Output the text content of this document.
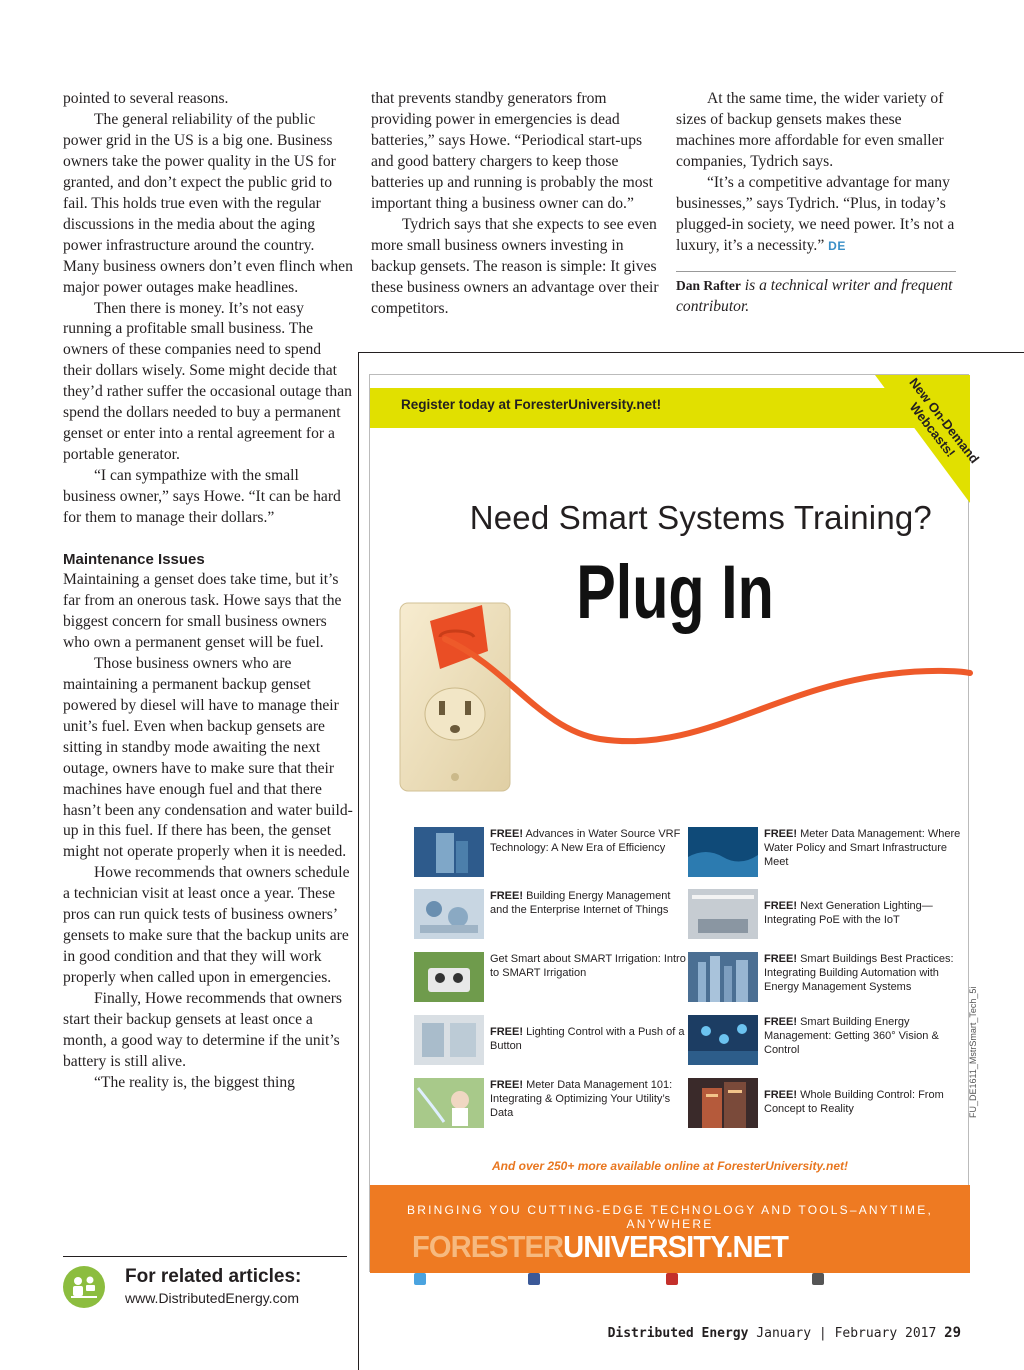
pointed to several reasons.

The general reliability of the public power grid in the US is a big one. Business owners take the power quality in the US for granted, and don’t expect the public grid to fail. This holds true even with the regular discussions in the media about the aging power infrastructure around the country. Many business owners don’t even flinch when major power outages make headlines.

Then there is money. It’s not easy running a profitable small business. The owners of these companies need to spend their dollars wisely. Some might decide that they’d rather suffer the occasional outage than spend the dollars needed to buy a permanent genset or enter into a rental agreement for a portable generator.

“I can sympathize with the small business owner,” says Howe. “It can be hard for them to manage their dollars.”

Maintenance Issues

Maintaining a genset does take time, but it’s far from an onerous task. Howe says that the biggest concern for small business owners who own a permanent genset will be fuel.

Those business owners who are maintaining a permanent backup genset powered by diesel will have to manage their unit’s fuel. Even when backup gensets are sitting in standby mode awaiting the next outage, owners have to make sure that their machines have enough fuel and that there hasn’t been any condensation and water build-up in this fuel. If there has been, the genset might not operate properly when it is needed.

Howe recommends that owners schedule a technician visit at least once a year. These pros can run quick tests of business owners’ gensets to make sure that the backup units are in good condition and that they will work properly when called upon in emergencies.

Finally, Howe recommends that owners start their backup gensets at least once a month, a good way to determine if the unit’s battery is still alive.

“The reality is, the biggest thing

that prevents standby generators from providing power in emergencies is dead batteries,” says Howe. “Periodical start-ups and good battery chargers to keep those batteries up and running is probably the most important thing a business owner can do.”

Tydrich says that she expects to see even more small business owners investing in backup gensets. The reason is simple: It gives these business owners an advantage over their competitors.

At the same time, the wider variety of sizes of backup gensets makes these machines more affordable for even smaller companies, Tydrich says.

“It’s a competitive advantage for many businesses,” says Tydrich. “Plus, in today’s plugged-in society, we need power. It’s not a luxury, it’s a necessity.” DE

Dan Rafter is a technical writer and frequent contributor.

For related articles:
www.DistributedEnergy.com
Register today at ForesterUniversity.net!	New On-Demand Webcasts!
Need Smart Systems Training?
Plug In
FREE! Advances in Water Source VRF Technology: A New Era of Efficiency
FREE! Building Energy Management and the Enterprise Internet of Things
Get Smart about SMART Irrigation: Intro to SMART Irrigation
FREE! Lighting Control with a Push of a Button
FREE! Meter Data Management 101: Integrating & Optimizing Your Utility’s Data
FREE! Meter Data Management: Where Water Policy and Smart Infrastructure Meet
FREE! Next Generation Lighting—Integrating PoE with the IoT
FREE! Smart Buildings Best Practices: Integrating Building Automation with Energy Management Systems
FREE! Smart Building Energy Management: Getting 360° Vision & Control
FREE! Whole Building Control: From Concept to Reality
And over 250+ more available online at ForesterUniversity.net!
BRINGING YOU CUTTING-EDGE TECHNOLOGY AND TOOLS–ANYTIME, ANYWHERE
FORESTERUNIVERSITY.NET
Follow us @ ForesterU	Like us @ Forester.University	Subscribe @ ForesterUniversity	Add us @ Forester.University
FU_DE1611_MstrSmart_Tech_5i
Distributed Energy January | February 2017 29
